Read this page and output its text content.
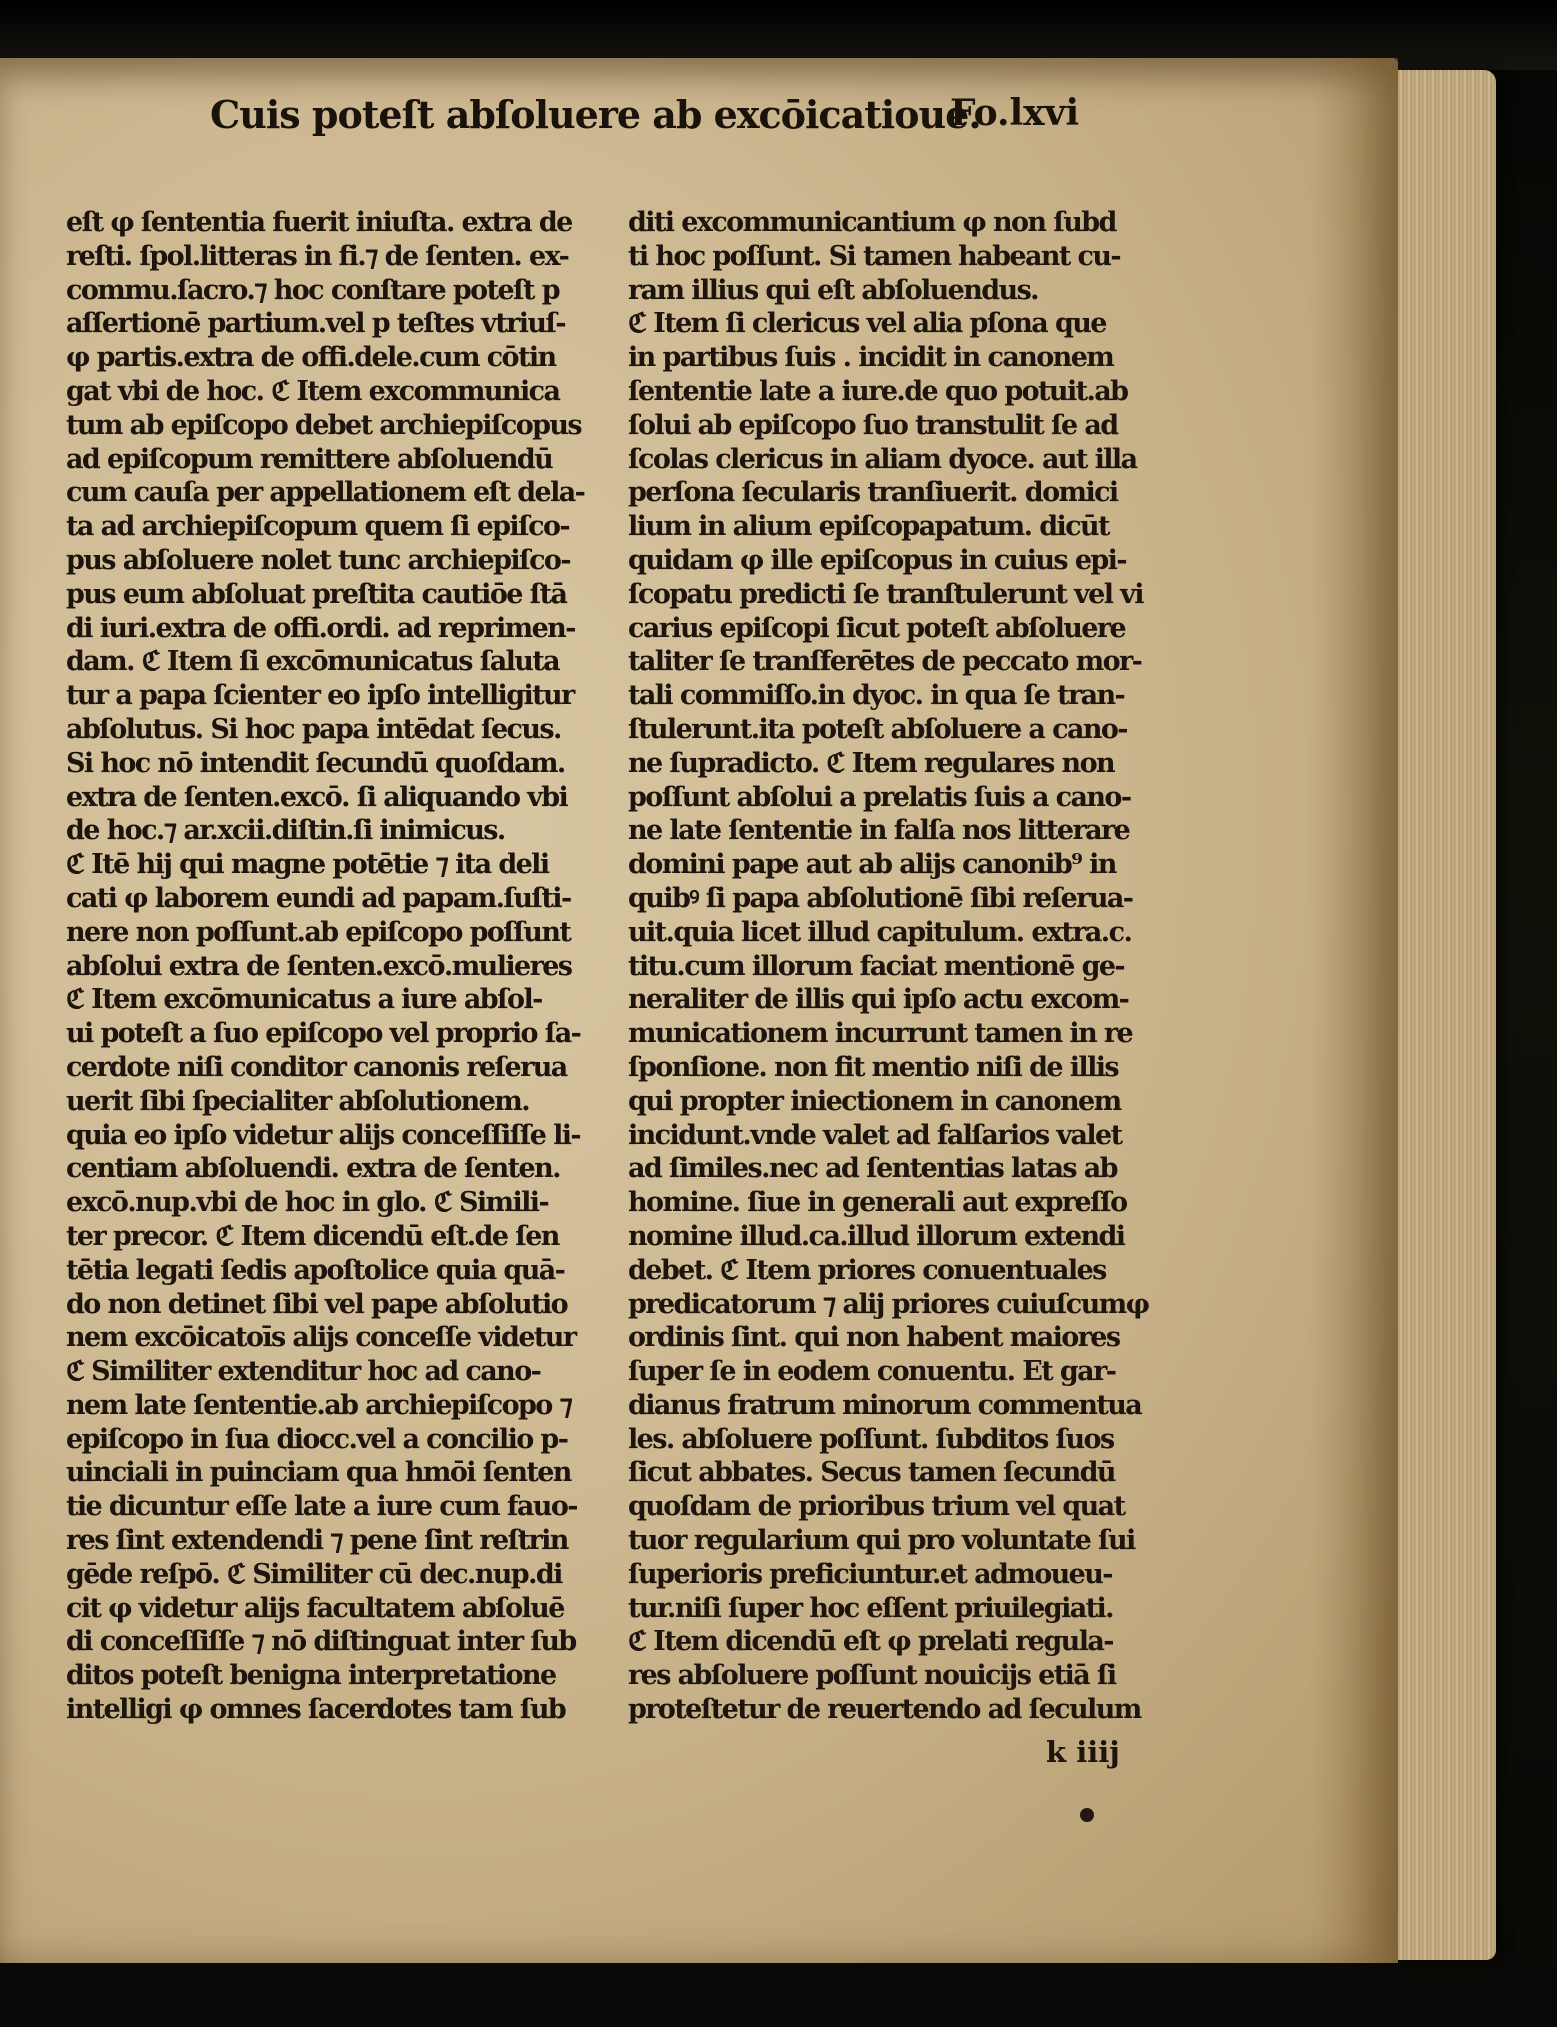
Cuis poteſt abſoluere ab excōicatioue.
Fo.lxvi
eſt φ ſententia fuerit iniuſta. extra de
reſti. ſpol.litteras in fi.⁊ de ſenten. ex-
commu.ſacro.⁊ hoc conſtare poteſt p
aſſertionē partium.vel p teſtes vtriuſ-
φ partis.extra de offi.dele.cum cōtin
gat vbi de hoc. ℭ Item excommunica
tum ab epiſcopo debet archiepiſcopus
ad epiſcopum remittere abſoluendū
cum cauſa per appellationem eſt dela-
ta ad archiepiſcopum quem ſi epiſco-
pus abſoluere nolet tunc archiepiſco-
pus eum abſoluat preſtita cautiōe ſtā
di iuri.extra de offi.ordi. ad reprimen-
dam. ℭ Item ſi excōmunicatus ſaluta
tur a papa ſcienter eo ipſo intelligitur
abſolutus. Si hoc papa intēdat ſecus.
Si hoc nō intendit ſecundū quoſdam.
extra de ſenten.excō. ſi aliquando vbi
de hoc.⁊ ar.xcii.diſtin.ſi inimicus.
ℭ Itē hij qui magne potētie ⁊ ita deli
cati φ laborem eundi ad papam.ſuſti-
nere non poſſunt.ab epiſcopo poſſunt
abſolui extra de ſenten.excō.mulieres
ℭ Item excōmunicatus a iure abſol-
ui poteſt a ſuo epiſcopo vel proprio ſa-
cerdote niſi conditor canonis reſerua
uerit ſibi ſpecialiter abſolutionem.
quia eo ipſo videtur alijs conceſſiſſe li-
centiam abſoluendi. extra de ſenten.
excō.nup.vbi de hoc in glo. ℭ Simili-
ter precor. ℭ Item dicendū eſt.de ſen
tētia legati ſedis apoſtolice quia quā-
do non detinet ſibi vel pape abſolutio
nem excōicatoīs alijs conceſſe videtur
ℭ Similiter extenditur hoc ad cano-
nem late ſententie.ab archiepiſcopo ⁊
epiſcopo in ſua diocc.vel a concilio p-
uinciali in puinciam qua hmōi ſenten
tie dicuntur eſſe late a iure cum fauo-
res ſint extendendi ⁊ pene ſint reſtrin
gēde reſpō. ℭ Similiter cū dec.nup.di
cit φ videtur alijs facultatem abſoluē
di conceſſiſſe ⁊ nō diſtinguat inter ſub
ditos poteſt benigna interpretatione
intelligi φ omnes ſacerdotes tam ſub
diti excommunicantium φ non ſubd
ti hoc poſſunt. Si tamen habeant cu-
ram illius qui eſt abſoluendus.
ℭ Item ſi clericus vel alia pſona que
in partibus ſuis . incidit in canonem
ſententie late a iure.de quo potuit.ab
ſolui ab epiſcopo ſuo transtulit ſe ad
ſcolas clericus in aliam dyoce. aut illa
perſona ſecularis tranſiuerit. domici
lium in alium epiſcopapatum. dicūt
quidam φ ille epiſcopus in cuius epi-
ſcopatu predicti ſe tranſtulerunt vel vi
carius epiſcopi ſicut poteſt abſoluere
taliter ſe tranſferētes de peccato mor-
tali commiſſo.in dyoc. in qua ſe tran-
ſtulerunt.ita poteſt abſoluere a cano-
ne ſupradicto. ℭ Item regulares non
poſſunt abſolui a prelatis ſuis a cano-
ne late ſententie in falſa nos litterare
domini pape aut ab alijs canonib⁹ in
quibꝰ ſi papa abſolutionē ſibi reſerua-
uit.quia licet illud capitulum. extra.c.
titu.cum illorum faciat mentionē ge-
neraliter de illis qui ipſo actu excom-
municationem incurrunt tamen in re
ſponſione. non fit mentio niſi de illis
qui propter iniectionem in canonem
incidunt.vnde valet ad falſarios valet
ad ſimiles.nec ad ſententias latas ab
homine. ſiue in generali aut expreſſo
nomine illud.ca.illud illorum extendi
debet. ℭ Item priores conuentuales
predicatorum ⁊ alij priores cuiuſcumφ
ordinis ſint. qui non habent maiores
ſuper ſe in eodem conuentu. Et gar-
dianus fratrum minorum commentua
les. abſoluere poſſunt. ſubditos ſuos
ſicut abbates. Secus tamen ſecundū
quoſdam de prioribus trium vel quat
tuor regularium qui pro voluntate ſui
ſuperioris preficiuntur.et admoueu-
tur.niſi ſuper hoc eſſent priuilegiati.
ℭ Item dicendū eſt φ prelati regula-
res abſoluere poſſunt nouicijs etiā ſi
proteſtetur de reuertendo ad ſeculum
k iiij
